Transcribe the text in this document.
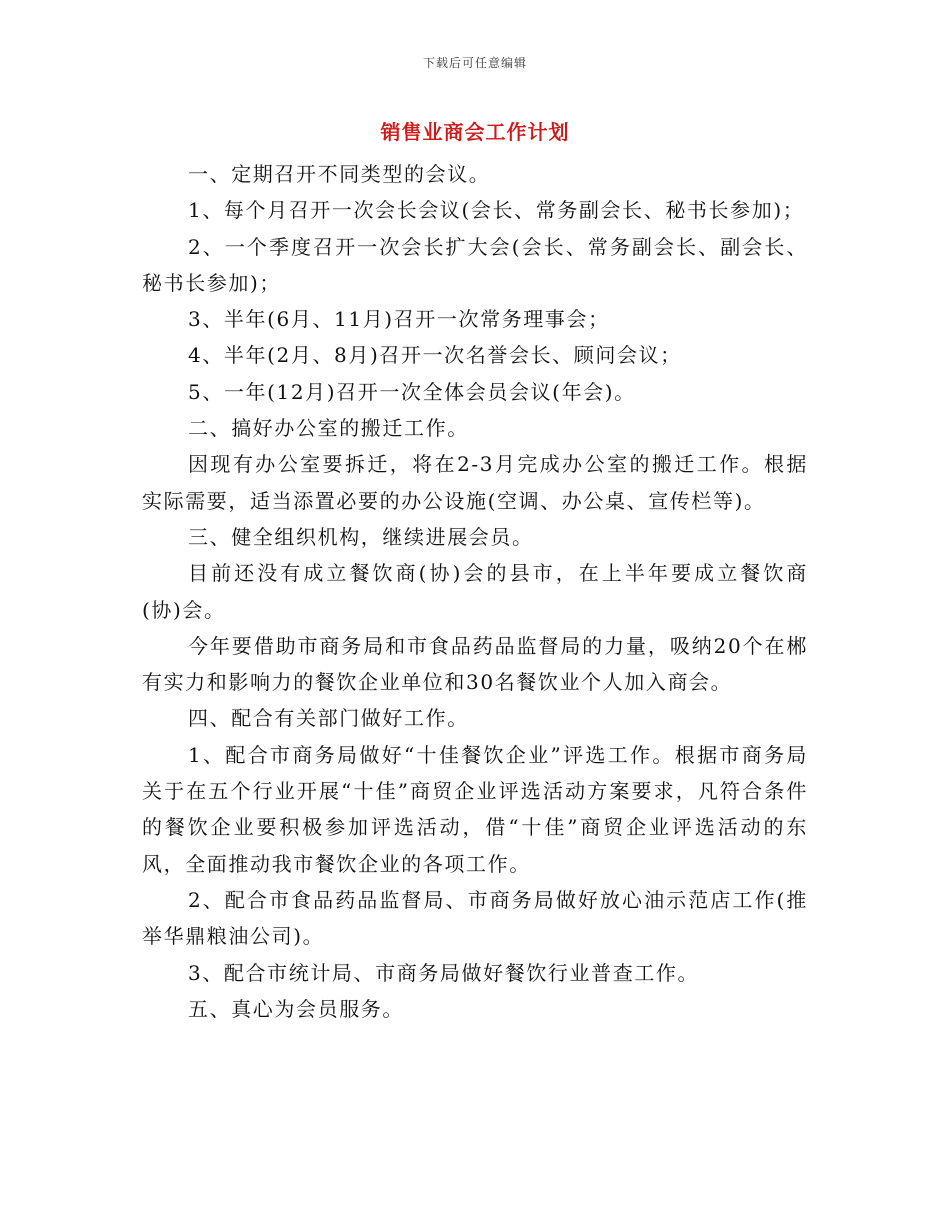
下载后可任意编辑
销售业商会工作计划

一、定期召开不同类型的会议。

1、每个月召开一次会长会议(会长、常务副会长、秘书长参加)；

2、一个季度召开一次会长扩大会(会长、常务副会长、副会长、秘书长参加)；

3、半年(6月、11月)召开一次常务理事会；

4、半年(2月、8月)召开一次名誉会长、顾问会议；

5、一年(12月)召开一次全体会员会议(年会)。

二、搞好办公室的搬迁工作。

因现有办公室要拆迁，将在2-3月完成办公室的搬迁工作。根据实际需要，适当添置必要的办公设施(空调、办公桌、宣传栏等)。

三、健全组织机构，继续进展会员。

目前还没有成立餐饮商(协)会的县市，在上半年要成立餐饮商(协)会。

今年要借助市商务局和市食品药品监督局的力量，吸纳20个在郴有实力和影响力的餐饮企业单位和30名餐饮业个人加入商会。

四、配合有关部门做好工作。

1、配合市商务局做好“十佳餐饮企业”评选工作。根据市商务局关于在五个行业开展“十佳”商贸企业评选活动方案要求，凡符合条件的餐饮企业要积极参加评选活动，借“十佳”商贸企业评选活动的东风，全面推动我市餐饮企业的各项工作。

2、配合市食品药品监督局、市商务局做好放心油示范店工作(推举华鼎粮油公司)。

3、配合市统计局、市商务局做好餐饮行业普查工作。

五、真心为会员服务。
